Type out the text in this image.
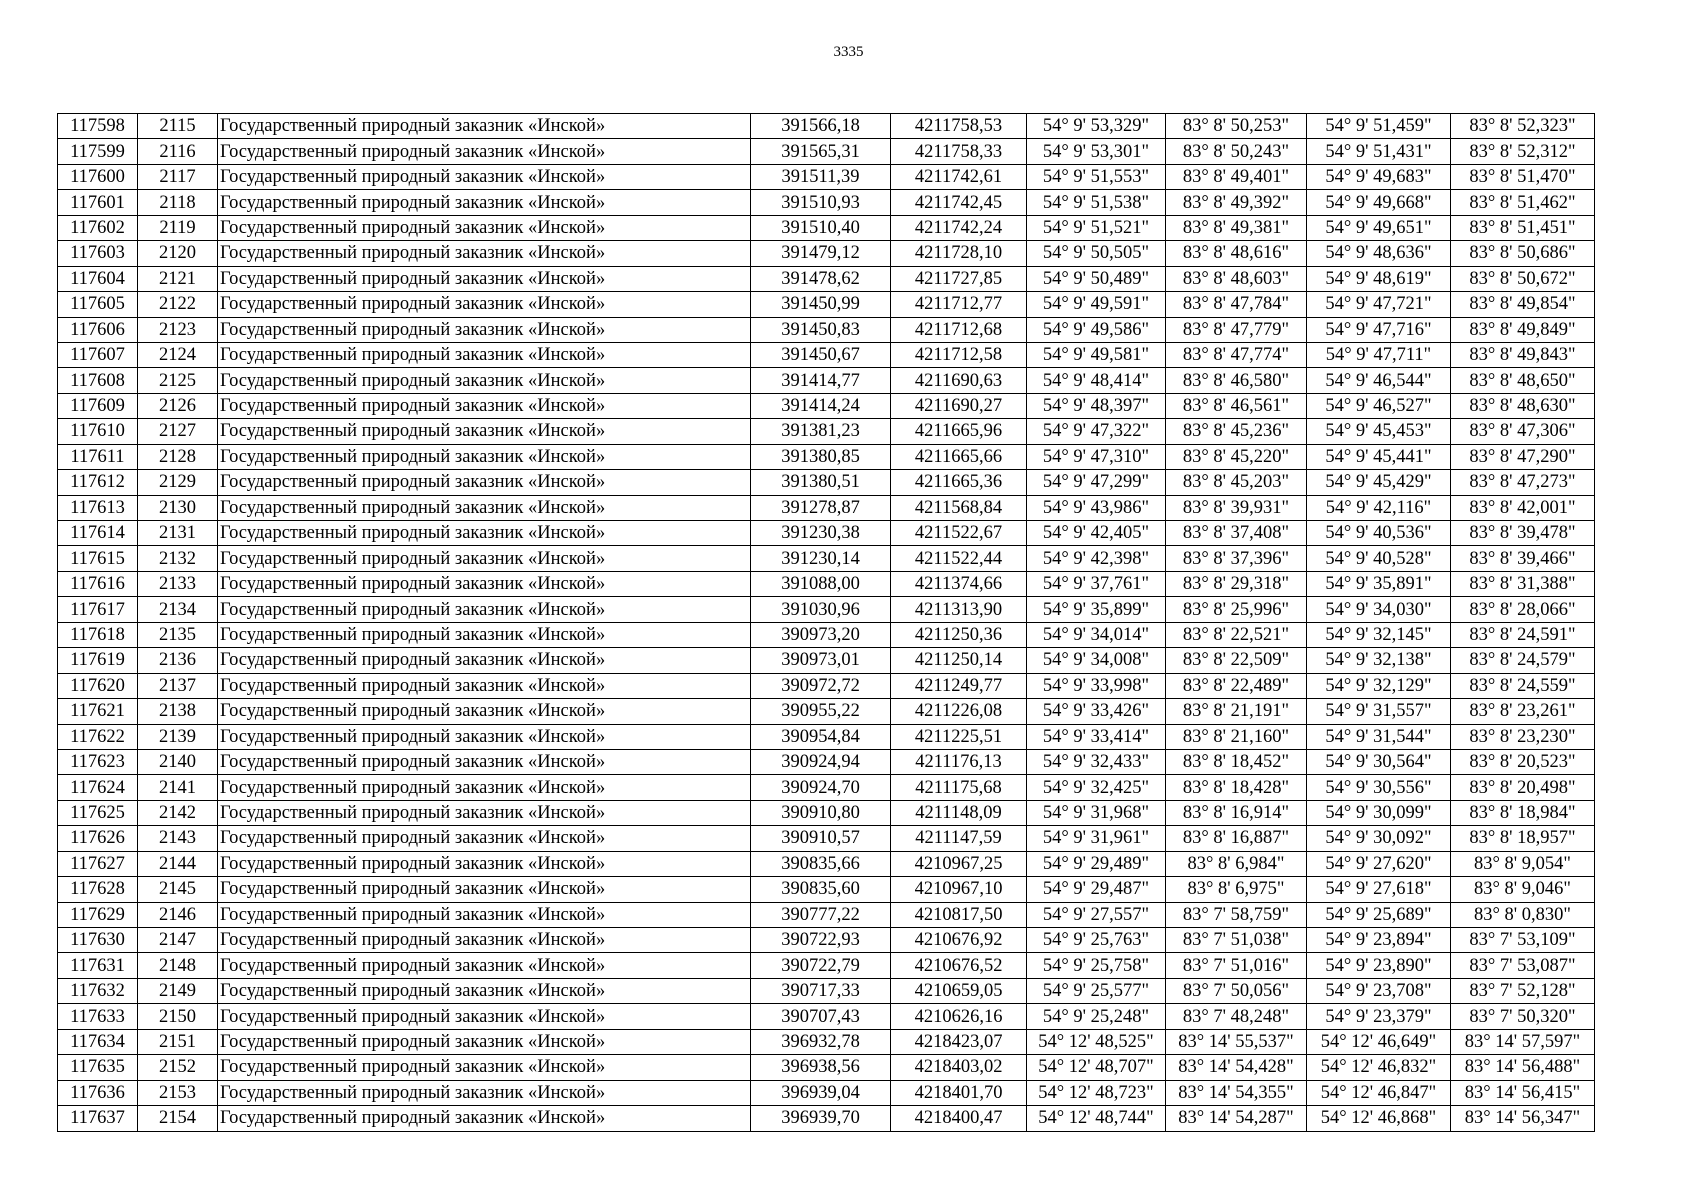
3335
117598	2115	Государственный природный заказник «Инской»	391566,18	4211758,53	54° 9' 53,329"	83° 8' 50,253"	54° 9' 51,459"	83° 8' 52,323"
117599	2116	Государственный природный заказник «Инской»	391565,31	4211758,33	54° 9' 53,301"	83° 8' 50,243"	54° 9' 51,431"	83° 8' 52,312"
117600	2117	Государственный природный заказник «Инской»	391511,39	4211742,61	54° 9' 51,553"	83° 8' 49,401"	54° 9' 49,683"	83° 8' 51,470"
117601	2118	Государственный природный заказник «Инской»	391510,93	4211742,45	54° 9' 51,538"	83° 8' 49,392"	54° 9' 49,668"	83° 8' 51,462"
117602	2119	Государственный природный заказник «Инской»	391510,40	4211742,24	54° 9' 51,521"	83° 8' 49,381"	54° 9' 49,651"	83° 8' 51,451"
117603	2120	Государственный природный заказник «Инской»	391479,12	4211728,10	54° 9' 50,505"	83° 8' 48,616"	54° 9' 48,636"	83° 8' 50,686"
117604	2121	Государственный природный заказник «Инской»	391478,62	4211727,85	54° 9' 50,489"	83° 8' 48,603"	54° 9' 48,619"	83° 8' 50,672"
117605	2122	Государственный природный заказник «Инской»	391450,99	4211712,77	54° 9' 49,591"	83° 8' 47,784"	54° 9' 47,721"	83° 8' 49,854"
117606	2123	Государственный природный заказник «Инской»	391450,83	4211712,68	54° 9' 49,586"	83° 8' 47,779"	54° 9' 47,716"	83° 8' 49,849"
117607	2124	Государственный природный заказник «Инской»	391450,67	4211712,58	54° 9' 49,581"	83° 8' 47,774"	54° 9' 47,711"	83° 8' 49,843"
117608	2125	Государственный природный заказник «Инской»	391414,77	4211690,63	54° 9' 48,414"	83° 8' 46,580"	54° 9' 46,544"	83° 8' 48,650"
117609	2126	Государственный природный заказник «Инской»	391414,24	4211690,27	54° 9' 48,397"	83° 8' 46,561"	54° 9' 46,527"	83° 8' 48,630"
117610	2127	Государственный природный заказник «Инской»	391381,23	4211665,96	54° 9' 47,322"	83° 8' 45,236"	54° 9' 45,453"	83° 8' 47,306"
117611	2128	Государственный природный заказник «Инской»	391380,85	4211665,66	54° 9' 47,310"	83° 8' 45,220"	54° 9' 45,441"	83° 8' 47,290"
117612	2129	Государственный природный заказник «Инской»	391380,51	4211665,36	54° 9' 47,299"	83° 8' 45,203"	54° 9' 45,429"	83° 8' 47,273"
117613	2130	Государственный природный заказник «Инской»	391278,87	4211568,84	54° 9' 43,986"	83° 8' 39,931"	54° 9' 42,116"	83° 8' 42,001"
117614	2131	Государственный природный заказник «Инской»	391230,38	4211522,67	54° 9' 42,405"	83° 8' 37,408"	54° 9' 40,536"	83° 8' 39,478"
117615	2132	Государственный природный заказник «Инской»	391230,14	4211522,44	54° 9' 42,398"	83° 8' 37,396"	54° 9' 40,528"	83° 8' 39,466"
117616	2133	Государственный природный заказник «Инской»	391088,00	4211374,66	54° 9' 37,761"	83° 8' 29,318"	54° 9' 35,891"	83° 8' 31,388"
117617	2134	Государственный природный заказник «Инской»	391030,96	4211313,90	54° 9' 35,899"	83° 8' 25,996"	54° 9' 34,030"	83° 8' 28,066"
117618	2135	Государственный природный заказник «Инской»	390973,20	4211250,36	54° 9' 34,014"	83° 8' 22,521"	54° 9' 32,145"	83° 8' 24,591"
117619	2136	Государственный природный заказник «Инской»	390973,01	4211250,14	54° 9' 34,008"	83° 8' 22,509"	54° 9' 32,138"	83° 8' 24,579"
117620	2137	Государственный природный заказник «Инской»	390972,72	4211249,77	54° 9' 33,998"	83° 8' 22,489"	54° 9' 32,129"	83° 8' 24,559"
117621	2138	Государственный природный заказник «Инской»	390955,22	4211226,08	54° 9' 33,426"	83° 8' 21,191"	54° 9' 31,557"	83° 8' 23,261"
117622	2139	Государственный природный заказник «Инской»	390954,84	4211225,51	54° 9' 33,414"	83° 8' 21,160"	54° 9' 31,544"	83° 8' 23,230"
117623	2140	Государственный природный заказник «Инской»	390924,94	4211176,13	54° 9' 32,433"	83° 8' 18,452"	54° 9' 30,564"	83° 8' 20,523"
117624	2141	Государственный природный заказник «Инской»	390924,70	4211175,68	54° 9' 32,425"	83° 8' 18,428"	54° 9' 30,556"	83° 8' 20,498"
117625	2142	Государственный природный заказник «Инской»	390910,80	4211148,09	54° 9' 31,968"	83° 8' 16,914"	54° 9' 30,099"	83° 8' 18,984"
117626	2143	Государственный природный заказник «Инской»	390910,57	4211147,59	54° 9' 31,961"	83° 8' 16,887"	54° 9' 30,092"	83° 8' 18,957"
117627	2144	Государственный природный заказник «Инской»	390835,66	4210967,25	54° 9' 29,489"	83° 8' 6,984"	54° 9' 27,620"	83° 8' 9,054"
117628	2145	Государственный природный заказник «Инской»	390835,60	4210967,10	54° 9' 29,487"	83° 8' 6,975"	54° 9' 27,618"	83° 8' 9,046"
117629	2146	Государственный природный заказник «Инской»	390777,22	4210817,50	54° 9' 27,557"	83° 7' 58,759"	54° 9' 25,689"	83° 8' 0,830"
117630	2147	Государственный природный заказник «Инской»	390722,93	4210676,92	54° 9' 25,763"	83° 7' 51,038"	54° 9' 23,894"	83° 7' 53,109"
117631	2148	Государственный природный заказник «Инской»	390722,79	4210676,52	54° 9' 25,758"	83° 7' 51,016"	54° 9' 23,890"	83° 7' 53,087"
117632	2149	Государственный природный заказник «Инской»	390717,33	4210659,05	54° 9' 25,577"	83° 7' 50,056"	54° 9' 23,708"	83° 7' 52,128"
117633	2150	Государственный природный заказник «Инской»	390707,43	4210626,16	54° 9' 25,248"	83° 7' 48,248"	54° 9' 23,379"	83° 7' 50,320"
117634	2151	Государственный природный заказник «Инской»	396932,78	4218423,07	54° 12' 48,525"	83° 14' 55,537"	54° 12' 46,649"	83° 14' 57,597"
117635	2152	Государственный природный заказник «Инской»	396938,56	4218403,02	54° 12' 48,707"	83° 14' 54,428"	54° 12' 46,832"	83° 14' 56,488"
117636	2153	Государственный природный заказник «Инской»	396939,04	4218401,70	54° 12' 48,723"	83° 14' 54,355"	54° 12' 46,847"	83° 14' 56,415"
117637	2154	Государственный природный заказник «Инской»	396939,70	4218400,47	54° 12' 48,744"	83° 14' 54,287"	54° 12' 46,868"	83° 14' 56,347"
